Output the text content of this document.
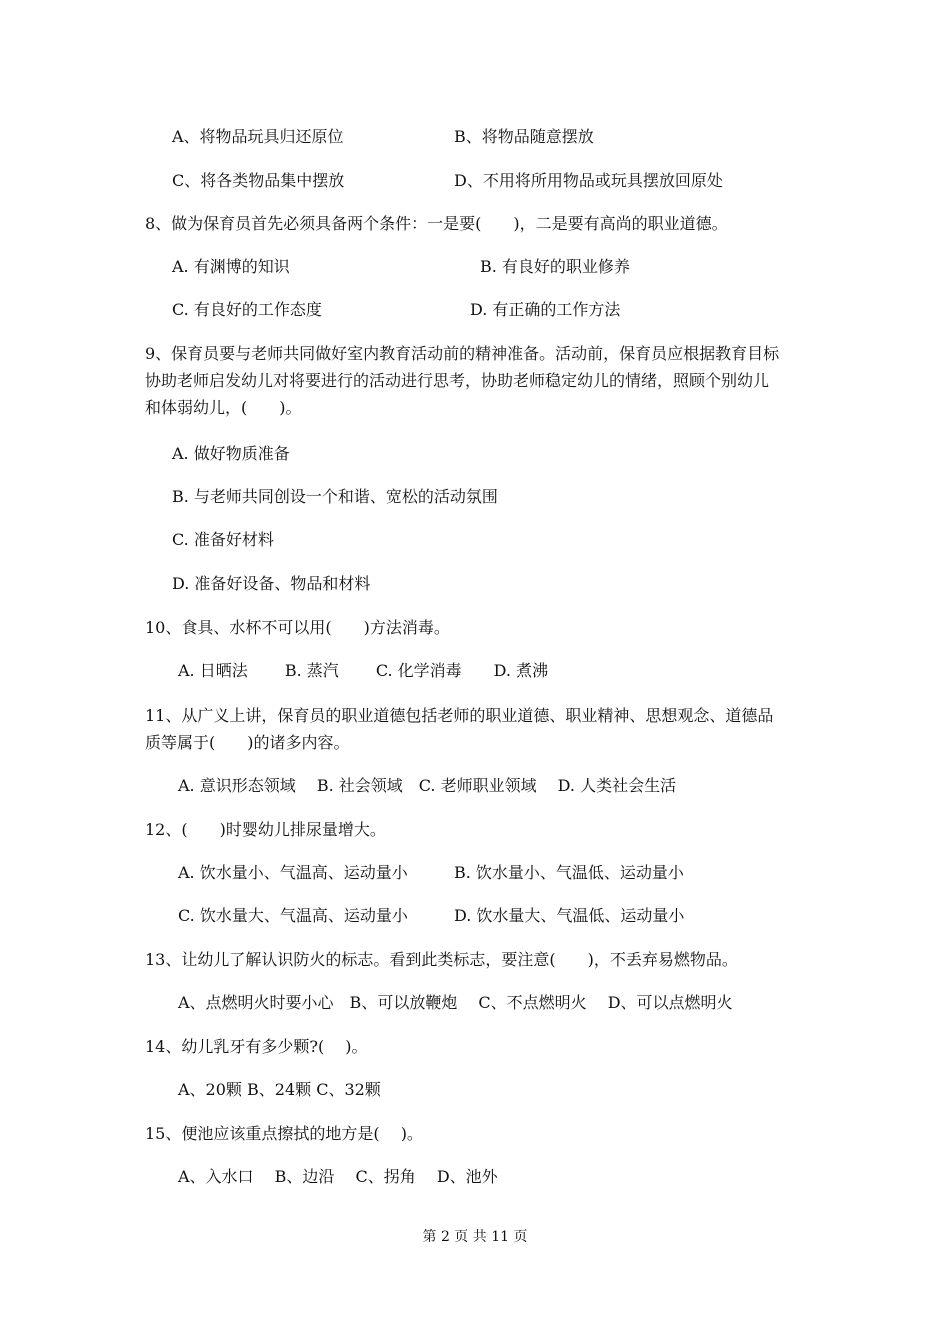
A、将物品玩具归还原位	B、将物品随意摆放

C、将各类物品集中摆放	D、不用将所用物品或玩具摆放回原处

8、做为保育员首先必须具备两个条件：一是要(　　)，二是要有高尚的职业道德。

A. 有渊博的知识	B. 有良好的职业修养

C. 有良好的工作态度	D. 有正确的工作方法

9、保育员要与老师共同做好室内教育活动前的精神准备。活动前，保育员应根据教育目标

协助老师启发幼儿对将要进行的活动进行思考，协助老师稳定幼儿的情绪，照顾个别幼儿

和体弱幼儿，(　　)。

A. 做好物质准备

B. 与老师共同创设一个和谐、宽松的活动氛围

C. 准备好材料

D. 准备好设备、物品和材料

10、食具、水杯不可以用(　　)方法消毒。

A. 日晒法　　 B. 蒸汽　　 C. 化学消毒　　D. 煮沸

11、从广义上讲，保育员的职业道德包括老师的职业道德、职业精神、思想观念、道德品

质等属于(　　)的诸多内容。

A. 意识形态领域　 B. 社会领域　C. 老师职业领域　 D. 人类社会生活

12、(　　)时婴幼儿排尿量增大。

A. 饮水量小、气温高、运动量小	B. 饮水量小、气温低、运动量小

C. 饮水量大、气温高、运动量小	D. 饮水量大、气温低、运动量小

13、让幼儿了解认识防火的标志。看到此类标志，要注意(　　)，不丢弃易燃物品。

A、点燃明火时要小心　B、可以放鞭炮　 C、不点燃明火　 D、可以点燃明火

14、幼儿乳牙有多少颗?(　 )。

A、20颗 B、24颗 C、32颗

15、便池应该重点擦拭的地方是(　 )。

A、入水口　 B、边沿　 C、拐角　 D、池外

第 2 页 共 11 页
